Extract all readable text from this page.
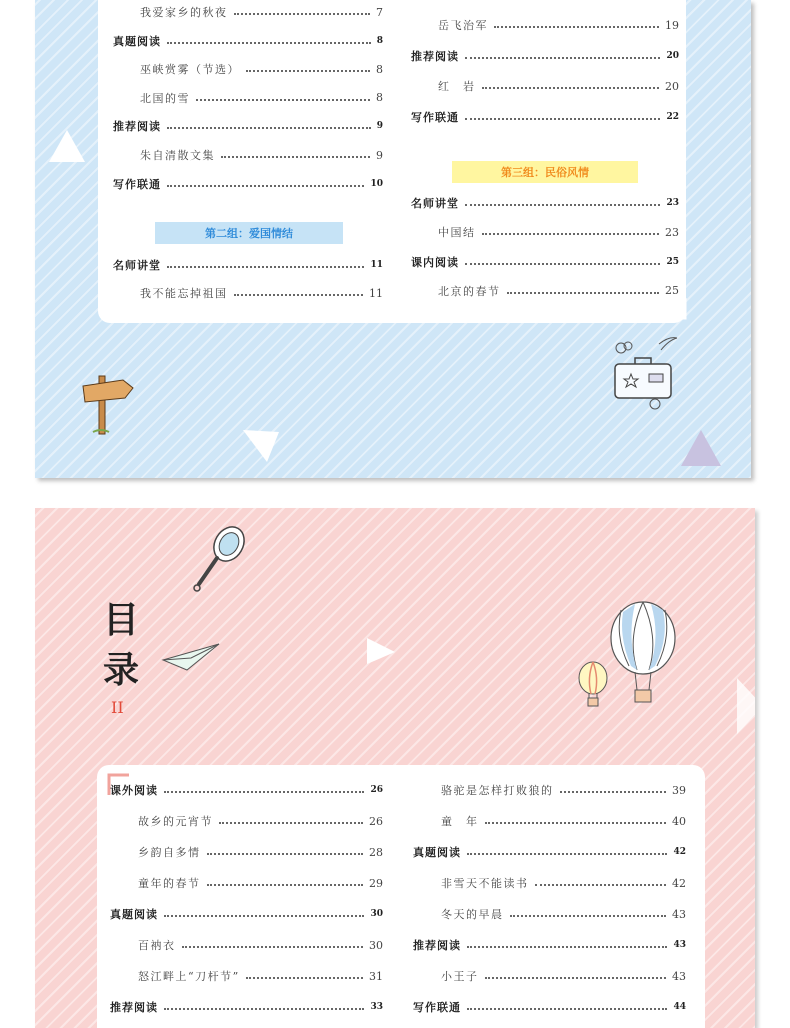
目
录
II
第二组：爱国情结
第三组：民俗风情
我爱家乡的秋夜	7
真题阅读	8
巫峡赏雾（节选）	8
北国的雪	8
推荐阅读	9
朱自清散文集	9
写作联通	10
名师讲堂	11
我不能忘掉祖国	11
岳飞治军	19
推荐阅读	20
红　岩	20
写作联通	22
名师讲堂	23
中国结	23
课内阅读	25
北京的春节	25
课外阅读	26
故乡的元宵节	26
乡韵自多情	28
童年的春节	29
真题阅读	30
百衲衣	30
怒江畔上“刀杆节”	31
推荐阅读	33
骆驼是怎样打败狼的	39
童　年	40
真题阅读	42
非雪天不能读书	42
冬天的早晨	43
推荐阅读	43
小王子	43
写作联通	44
